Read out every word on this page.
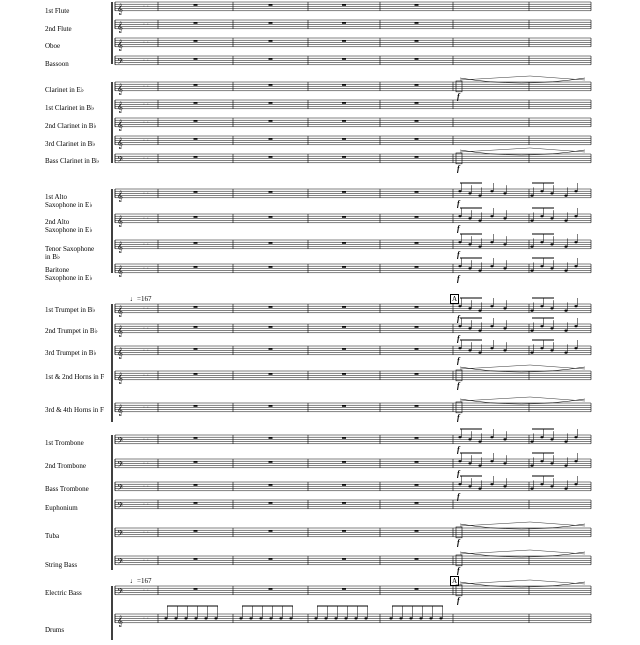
𝄞	· ‧
𝄞	· ‧
𝄞	· ‧
𝄢	· ‧
𝄞	· ‧
f
𝄞	· ‧
𝄞	· ‧
𝄞	· ‧
𝄢	· ‧
f
𝄞	· ‧
f
𝄞	· ‧
f
𝄞	· ‧
f
𝄞	· ‧
f
𝄞	· ‧
f
𝄞	· ‧
f
𝄞	· ‧
f
𝄞	· ‧
f
𝄞	· ‧
f
𝄢	· ‧
f
𝄢	· ‧
f
𝄢	· ‧
f
𝄢	· ‧
𝄢	· ‧
f
𝄢	· ‧
f
𝄢	· ‧
f
𝄞	· ‧
1st Flute
2nd Flute
Oboe
Bassoon
Clarinet in E♭
1st Clarinet in B♭
2nd Clarinet in B♭
3rd Clarinet in B♭
Bass Clarinet in B♭
1st Alto Saxophone in E♭
2nd Alto Saxophone in E♭
Tenor Saxophone in B♭
Baritone Saxophone in E♭
♩=167	A
1st Trumpet in B♭
2nd Trumpet in B♭
3rd Trumpet in B♭
1st & 2nd Horns in F
3rd & 4th Horns in F
1st Trombone
2nd Trombone
Bass Trombone
Euphonium
Tuba
String Bass
♩=167	A
Electric Bass
Drums
